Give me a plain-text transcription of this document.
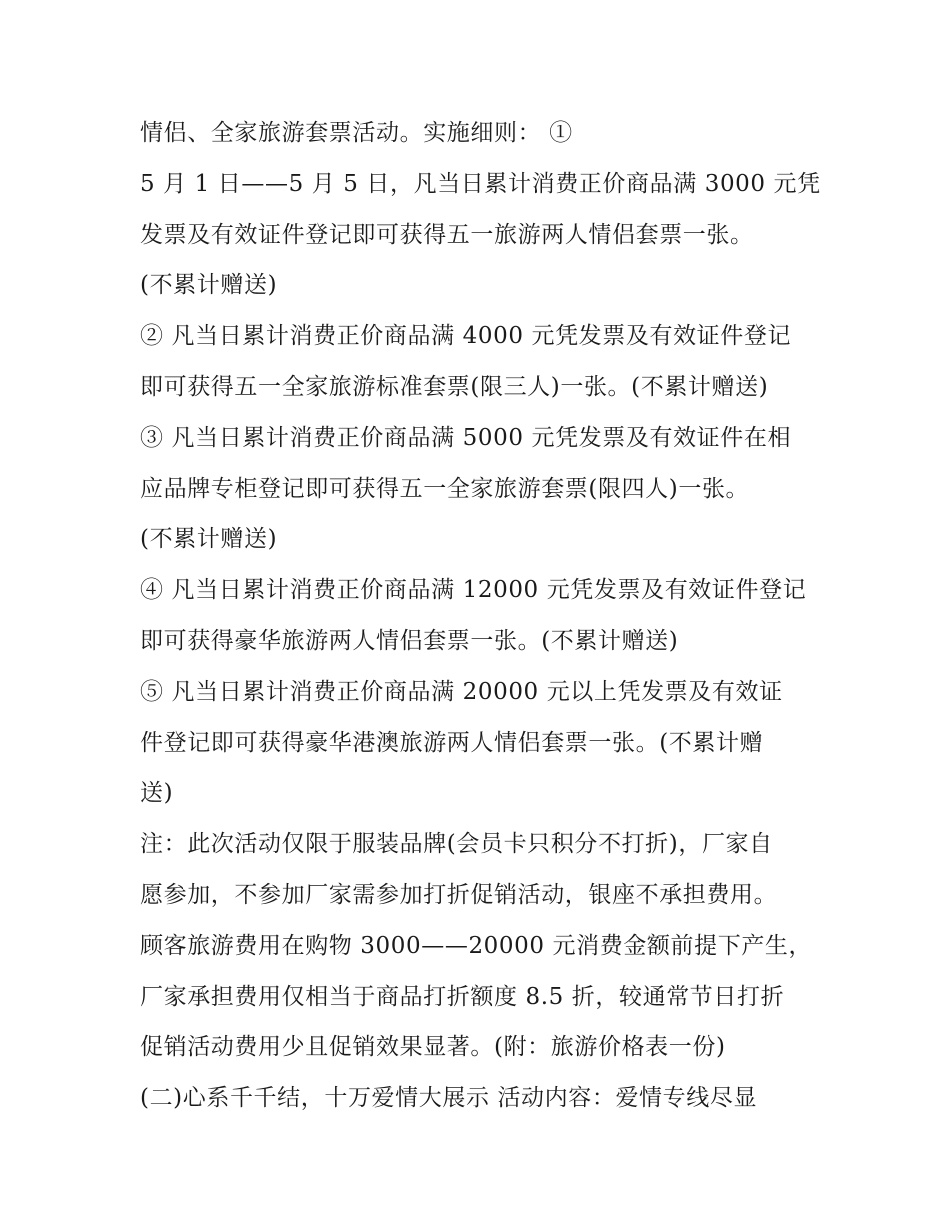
情侣、全家旅游套票活动。实施细则： ①
5 月 1 日——5 月 5 日，凡当日累计消费正价商品满 3000 元凭
发票及有效证件登记即可获得五一旅游两人情侣套票一张。
(不累计赠送)
② 凡当日累计消费正价商品满 4000 元凭发票及有效证件登记
即可获得五一全家旅游标准套票(限三人)一张。(不累计赠送)
③ 凡当日累计消费正价商品满 5000 元凭发票及有效证件在相
应品牌专柜登记即可获得五一全家旅游套票(限四人)一张。
(不累计赠送)
④ 凡当日累计消费正价商品满 12000 元凭发票及有效证件登记
即可获得豪华旅游两人情侣套票一张。(不累计赠送)
⑤ 凡当日累计消费正价商品满 20000 元以上凭发票及有效证
件登记即可获得豪华港澳旅游两人情侣套票一张。(不累计赠
送)
注：此次活动仅限于服装品牌(会员卡只积分不打折)，厂家自
愿参加，不参加厂家需参加打折促销活动，银座不承担费用。
顾客旅游费用在购物 3000——20000 元消费金额前提下产生，
厂家承担费用仅相当于商品打折额度 8.5 折，较通常节日打折
促销活动费用少且促销效果显著。(附：旅游价格表一份)
(二)心系千千结，十万爱情大展示 活动内容：爱情专线尽显
